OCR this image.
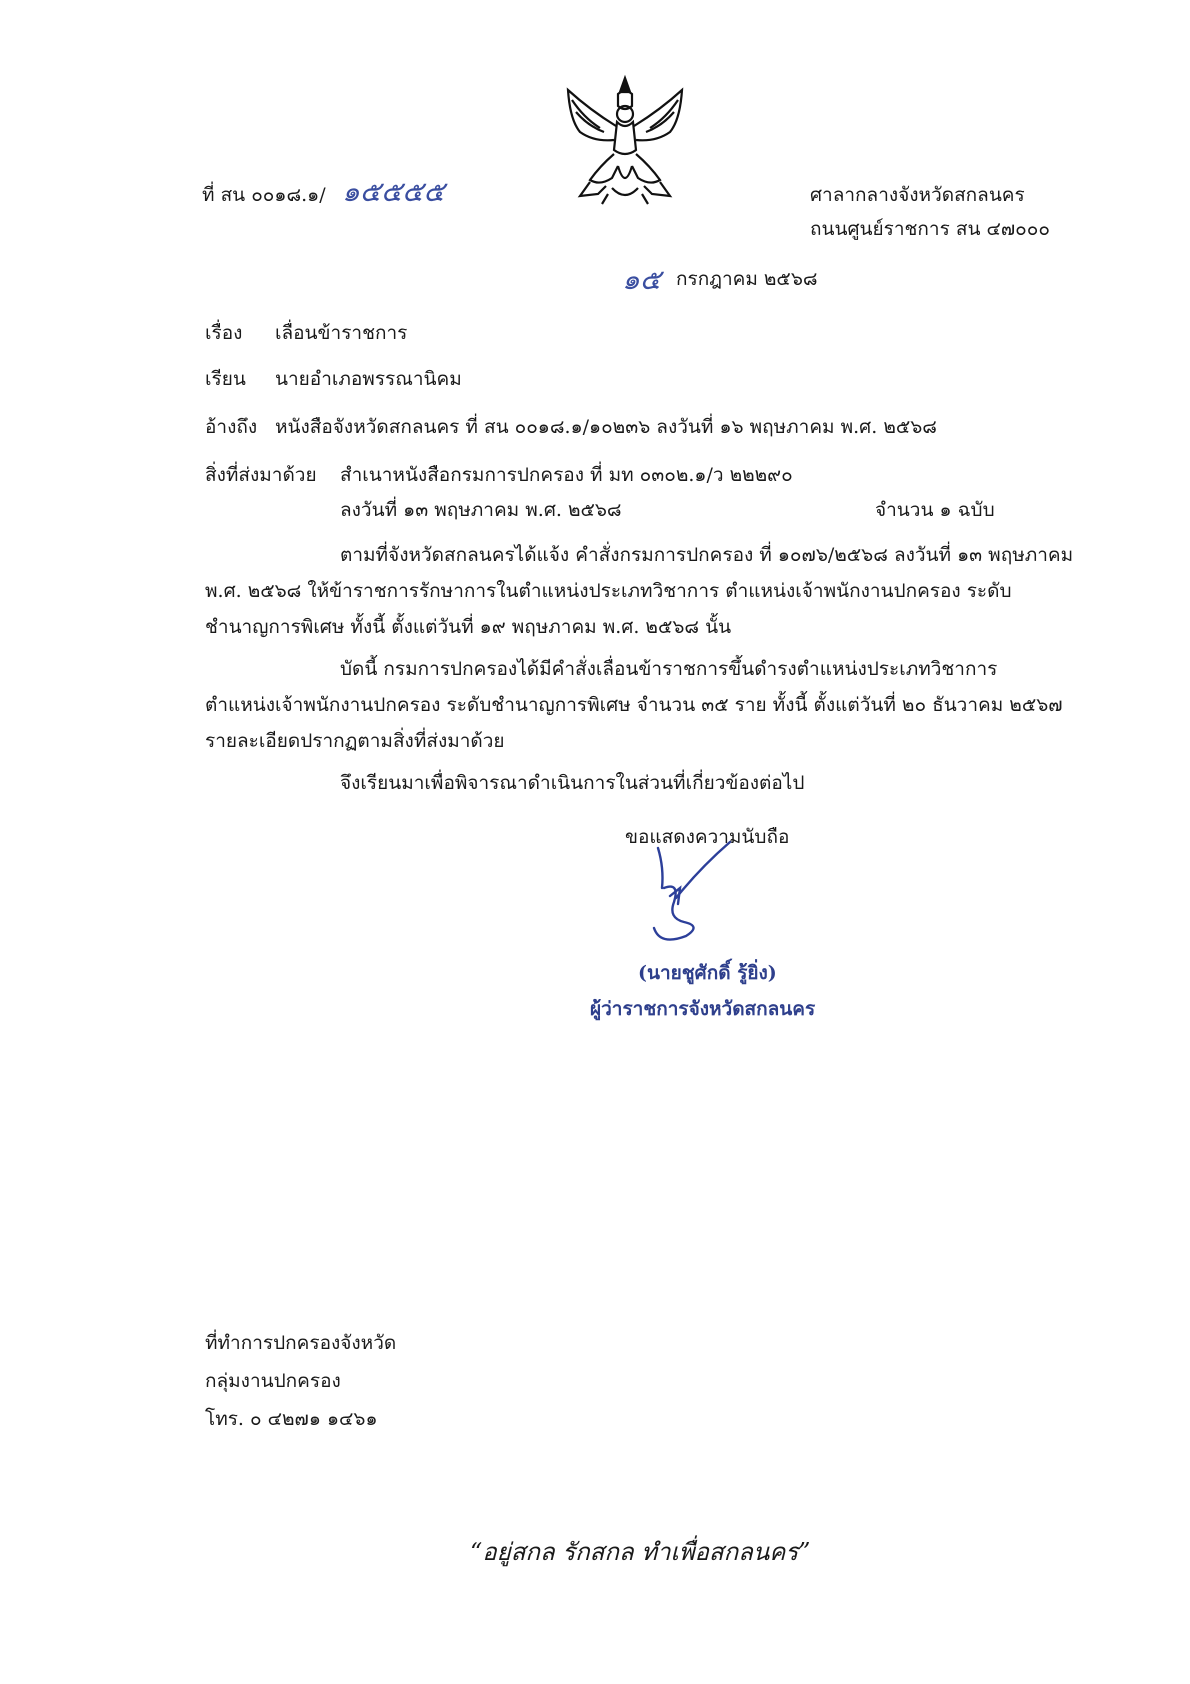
ที่ สน ๐๐๑๘.๑/ ๑๕๕๕๕	ศาลากลางจังหวัดสกลนคร
ถนนศูนย์ราชการ สน ๔๗๐๐๐
๑๕ กรกฎาคม ๒๕๖๘
เรื่อง เลื่อนข้าราชการ
เรียน นายอำเภอพรรณานิคม
อ้างถึง หนังสือจังหวัดสกลนคร ที่ สน ๐๐๑๘.๑/๑๐๒๓๖ ลงวันที่ ๑๖ พฤษภาคม พ.ศ. ๒๕๖๘
สิ่งที่ส่งมาด้วย สำเนาหนังสือกรมการปกครอง ที่ มท ๐๓๐๒.๑/ว ๒๒๒๙๐
ลงวันที่ ๑๓ พฤษภาคม พ.ศ. ๒๕๖๘	จำนวน ๑ ฉบับ
ตามที่จังหวัดสกลนครได้แจ้ง คำสั่งกรมการปกครอง ที่ ๑๐๗๖/๒๕๖๘ ลงวันที่ ๑๓ พฤษภาคม
พ.ศ. ๒๕๖๘ ให้ข้าราชการรักษาการในตำแหน่งประเภทวิชาการ ตำแหน่งเจ้าพนักงานปกครอง ระดับ
ชำนาญการพิเศษ ทั้งนี้ ตั้งแต่วันที่ ๑๙ พฤษภาคม พ.ศ. ๒๕๖๘ นั้น
บัดนี้ กรมการปกครองได้มีคำสั่งเลื่อนข้าราชการขึ้นดำรงตำแหน่งประเภทวิชาการ
ตำแหน่งเจ้าพนักงานปกครอง ระดับชำนาญการพิเศษ จำนวน ๓๕ ราย ทั้งนี้ ตั้งแต่วันที่ ๒๐ ธันวาคม ๒๕๖๗
รายละเอียดปรากฏตามสิ่งที่ส่งมาด้วย
จึงเรียนมาเพื่อพิจารณาดำเนินการในส่วนที่เกี่ยวข้องต่อไป
ขอแสดงความนับถือ
(นายชูศักดิ์ รู้ยิ่ง)
ผู้ว่าราชการจังหวัดสกลนคร
ที่ทำการปกครองจังหวัด
กลุ่มงานปกครอง
โทร. ๐ ๔๒๗๑ ๑๔๖๑
“อยู่สกล รักสกล ทำเพื่อสกลนคร”
